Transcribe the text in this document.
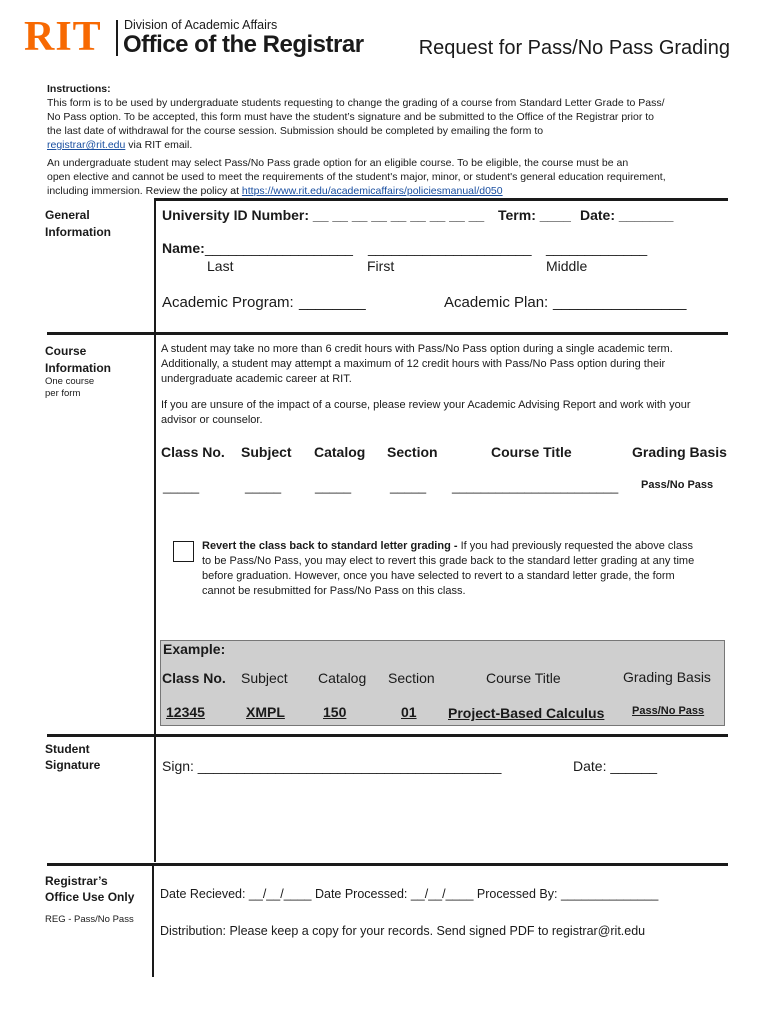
RIT Division of Academic Affairs
Office of the Registrar	Request for Pass/No Pass Grading

Instructions:

This form is to be used by undergraduate students requesting to change the grading of a course from Standard Letter Grade to Pass/

No Pass option. To be accepted, this form must have the student’s signature and be submitted to the Office of the Registrar prior to

the last date of withdrawal for the course session. Submission should be completed by emailing the form to

registrar@rit.edu via RIT email.

An undergraduate student may select Pass/No Pass grade option for an eligible course. To be eligible, the course must be an

open elective and cannot be used to meet the requirements of the student's major, minor, or student's general education requirement,

including immersion. Review the policy at https://www.rit.edu/academicaffairs/policiesmanual/d050

General Information
University ID Number: __ __ __ __ __ __ __ __ __ Term: ____ Date: _______
Name: ___________________ _____________________ _____________
Last	First	Middle
Academic Program: ________	Academic Plan: ________________
Course Information
One course
per form
A student may take no more than 6 credit hours with Pass/No Pass option during a single academic term.
Additionally, a student may attempt a maximum of 12 credit hours with Pass/No Pass option during their
undergraduate academic career at RIT.
If you are unsure of the impact of a course, please review your Academic Advising Report and work with your
advisor or counselor.
Class No. Subject Catalog Section	Course Title	Grading Basis
_____	_____	_____	_____ _______________________ Pass/No Pass
Revert the class back to standard letter grading - If you had previously requested the above class
to be Pass/No Pass, you may elect to revert this grade back to the standard letter grading at any time
before graduation. However, once you have selected to revert to a standard letter grade, the form
cannot be resubmitted for Pass/No Pass on this class.
Example:
Class No. Subject Catalog Section	Course Title	Grading Basis
12345	XMPL	150	01 Project-Based Calculus	Pass/No Pass
Student
Signature	Sign: _______________________________________	Date: ______
Registrar’s
Office Use Only
REG - Pass/No Pass
Date Recieved: __/__/____ Date Processed: __/__/____ Processed By: ______________
Distribution: Please keep a copy for your records. Send signed PDF to registrar@rit.edu
